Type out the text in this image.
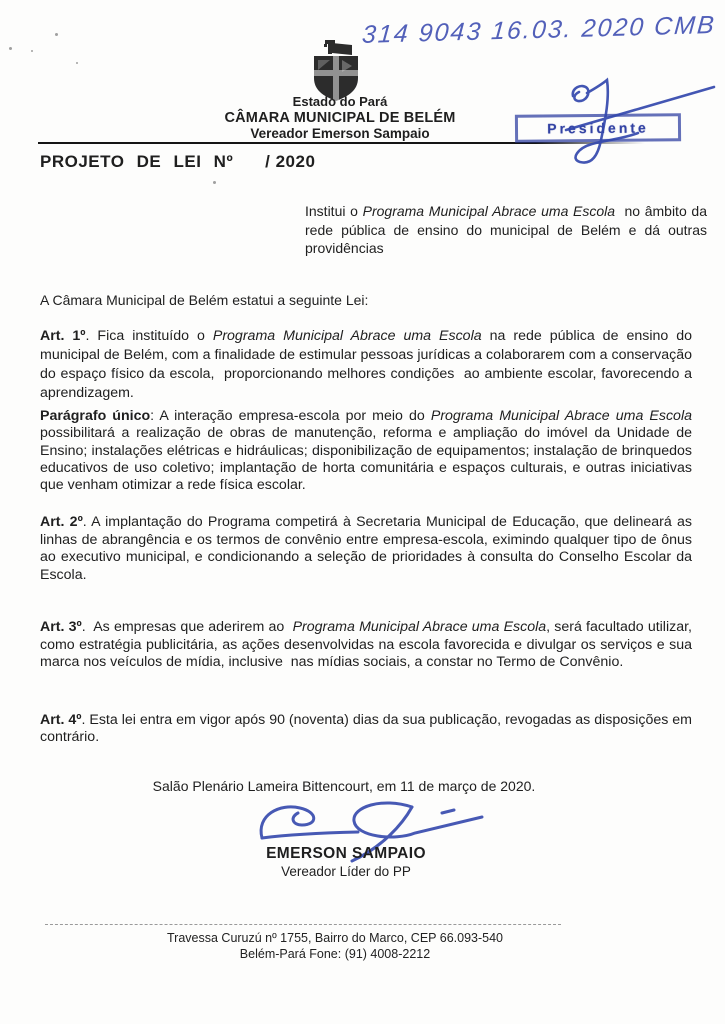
314 9043 16.03. 2020 CMB
Estado do Pará
CÂMARA MUNICIPAL DE BELÉM
Vereador Emerson Sampaio
PROJETO DE LEI Nº / 2020
Presidente
Institui o Programa Municipal Abrace uma Escola  no âmbito da rede pública de ensino do municipal de Belém e dá outras providências
A Câmara Municipal de Belém estatui a seguinte Lei:
Art. 1º. Fica instituído o Programa Municipal Abrace uma Escola na rede pública de ensino do municipal de Belém, com a finalidade de estimular pessoas jurídicas a colaborarem com a conservação do espaço físico da escola,  proporcionando melhores condições  ao ambiente escolar, favorecendo a aprendizagem.
Parágrafo único: A interação empresa-escola por meio do Programa Municipal Abrace uma Escola possibilitará a realização de obras de manutenção, reforma e ampliação do imóvel da Unidade de Ensino; instalações elétricas e hidráulicas; disponibilização de equipamentos; instalação de brinquedos educativos de uso coletivo; implantação de horta comunitária e espaços culturais, e outras iniciativas que venham otimizar a rede física escolar.
Art. 2º. A implantação do Programa competirá à Secretaria Municipal de Educação, que delineará as linhas de abrangência e os termos de convênio entre empresa-escola, eximindo qualquer tipo de ônus ao executivo municipal, e condicionando a seleção de prioridades à consulta do Conselho Escolar da Escola.
Art. 3º.  As empresas que aderirem ao  Programa Municipal Abrace uma Escola, será facultado utilizar, como estratégia publicitária, as ações desenvolvidas na escola favorecida e divulgar os serviços e sua marca nos veículos de mídia, inclusive  nas mídias sociais, a constar no Termo de Convênio.
Art. 4º. Esta lei entra em vigor após 90 (noventa) dias da sua publicação, revogadas as disposições em contrário.
Salão Plenário Lameira Bittencourt, em 11 de março de 2020.
EMERSON SAMPAIO
Vereador Líder do PP
Travessa Curuzú nº 1755, Bairro do Marco, CEP 66.093-540
Belém-Pará Fone: (91) 4008-2212
